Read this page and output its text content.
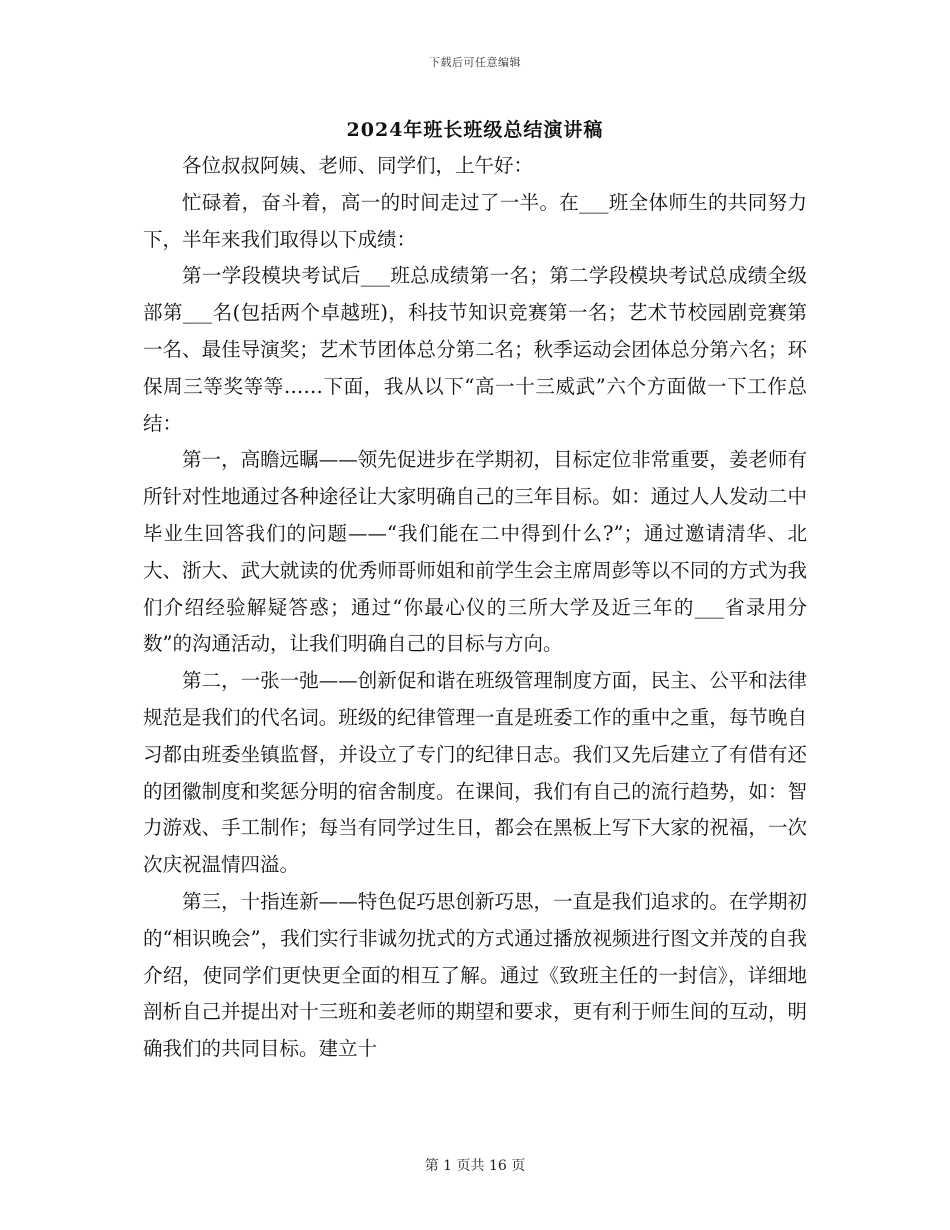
下载后可任意编辑
2024年班长班级总结演讲稿

各位叔叔阿姨、老师、同学们，上午好：

忙碌着，奋斗着，高一的时间走过了一半。在___班全体师生的共同努力下，半年来我们取得以下成绩：

第一学段模块考试后___班总成绩第一名；第二学段模块考试总成绩全级部第___名(包括两个卓越班)，科技节知识竞赛第一名；艺术节校园剧竞赛第一名、最佳导演奖；艺术节团体总分第二名；秋季运动会团体总分第六名；环保周三等奖等等……下面，我从以下“高一十三威武”六个方面做一下工作总结：

第一，高瞻远瞩——领先促进步在学期初，目标定位非常重要，姜老师有所针对性地通过各种途径让大家明确自己的三年目标。如：通过人人发动二中毕业生回答我们的问题——“我们能在二中得到什么?”；通过邀请清华、北大、浙大、武大就读的优秀师哥师姐和前学生会主席周彭等以不同的方式为我们介绍经验解疑答惑；通过“你最心仪的三所大学及近三年的___省录用分数”的沟通活动，让我们明确自己的目标与方向。

第二，一张一弛——创新促和谐在班级管理制度方面，民主、公平和法律规范是我们的代名词。班级的纪律管理一直是班委工作的重中之重，每节晚自习都由班委坐镇监督，并设立了专门的纪律日志。我们又先后建立了有借有还的团徽制度和奖惩分明的宿舍制度。在课间，我们有自己的流行趋势，如：智力游戏、手工制作；每当有同学过生日，都会在黑板上写下大家的祝福，一次次庆祝温情四溢。

第三，十指连新——特色促巧思创新巧思，一直是我们追求的。在学期初的“相识晚会”，我们实行非诚勿扰式的方式通过播放视频进行图文并茂的自我介绍，使同学们更快更全面的相互了解。通过《致班主任的一封信》，详细地剖析自己并提出对十三班和姜老师的期望和要求，更有利于师生间的互动，明确我们的共同目标。建立十

第 1 页共 16 页
